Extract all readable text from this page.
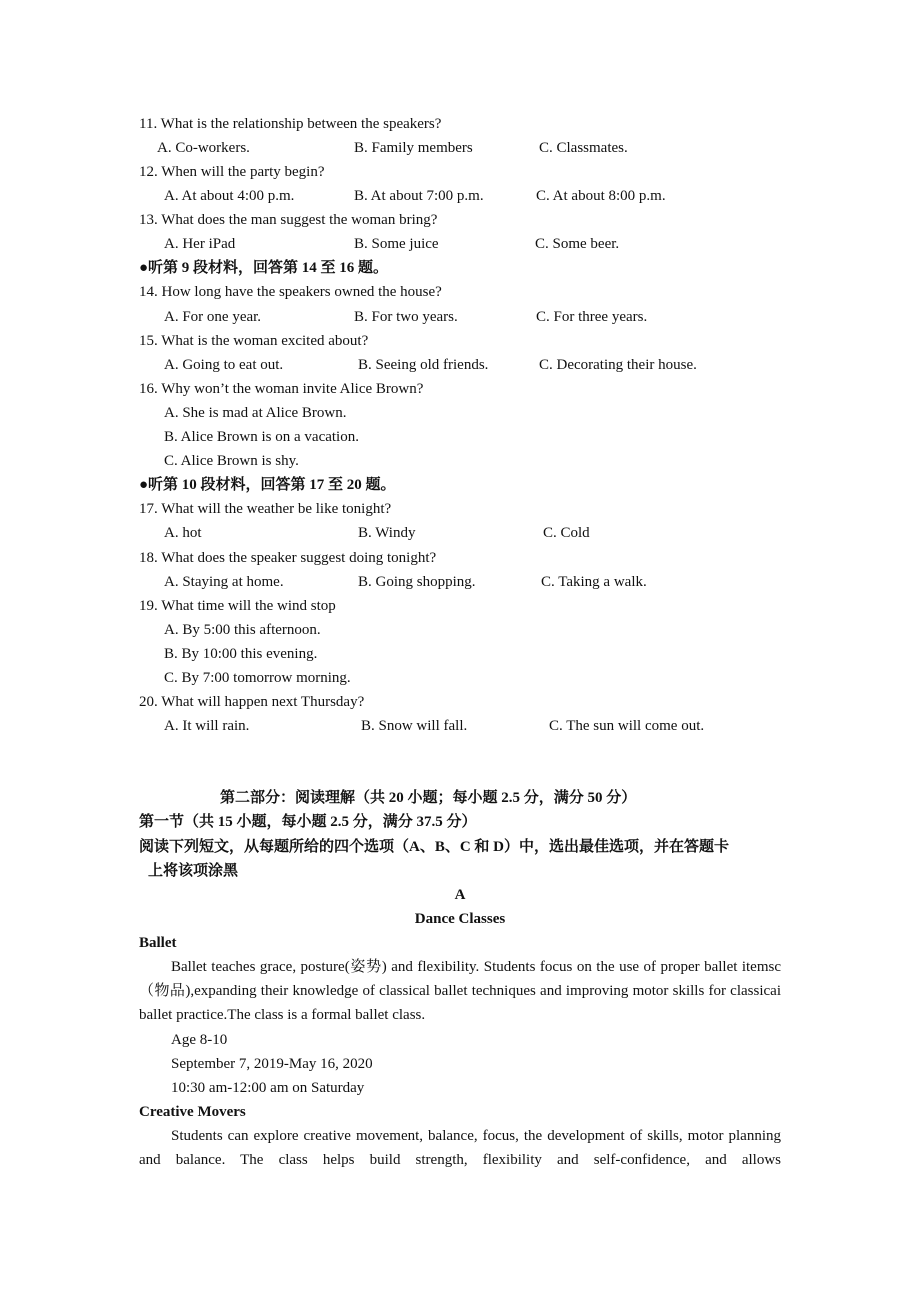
11. What is the relationship between the speakers?
A. Co-workers.	B. Family members	C. Classmates.
12. When will the party begin?
A. At about 4:00 p.m.	B. At about 7:00 p.m.	C. At about 8:00 p.m.
13. What does the man suggest the woman bring?
A. Her iPad	B. Some juice	C. Some beer.
●听第 9 段材料，回答第 14 至 16 题。
14. How long have the speakers owned the house?
A. For one year.	B. For two years.	C. For three years.
15. What is the woman excited about?
A. Going to eat out.	B. Seeing old friends.	C. Decorating their house.
16. Why won’t the woman invite Alice Brown?
A. She is mad at Alice Brown.
B. Alice Brown is on a vacation.
C. Alice Brown is shy.
●听第 10 段材料，回答第 17 至 20 题。
17. What will the weather be like tonight?
A. hot	B. Windy	C. Cold
18. What does the speaker suggest doing tonight?
A. Staying at home.	B. Going shopping.	C. Taking a walk.
19. What time will the wind stop
A. By 5:00 this afternoon.
B. By 10:00 this evening.
C. By 7:00 tomorrow morning.
20. What will happen next Thursday?
A. It will rain.	B. Snow will fall.	C. The sun will come out.
第二部分：阅读理解（共 20 小题；每小题 2.5 分，满分 50 分）
第一节（共 15 小题，每小题 2.5 分，满分 37.5 分）
阅读下列短文，从每题所给的四个选项（A、B、C 和 D）中，选出最佳选项，并在答题卡
上将该项涂黑
A
Dance Classes
Ballet
Ballet teaches grace, posture(姿势) and flexibility. Students focus on the use of proper ballet itemsc（物品),expanding their knowledge of classical ballet techniques and improving motor skills for classicai ballet practice.The class is a formal ballet class.
Age 8-10
September 7, 2019-May 16, 2020
10:30 am-12:00 am on Saturday
Creative Movers
Students can explore creative movement, balance, focus, the development of skills, motor planning and balance. The class helps build strength, flexibility and self-confidence, and allows
